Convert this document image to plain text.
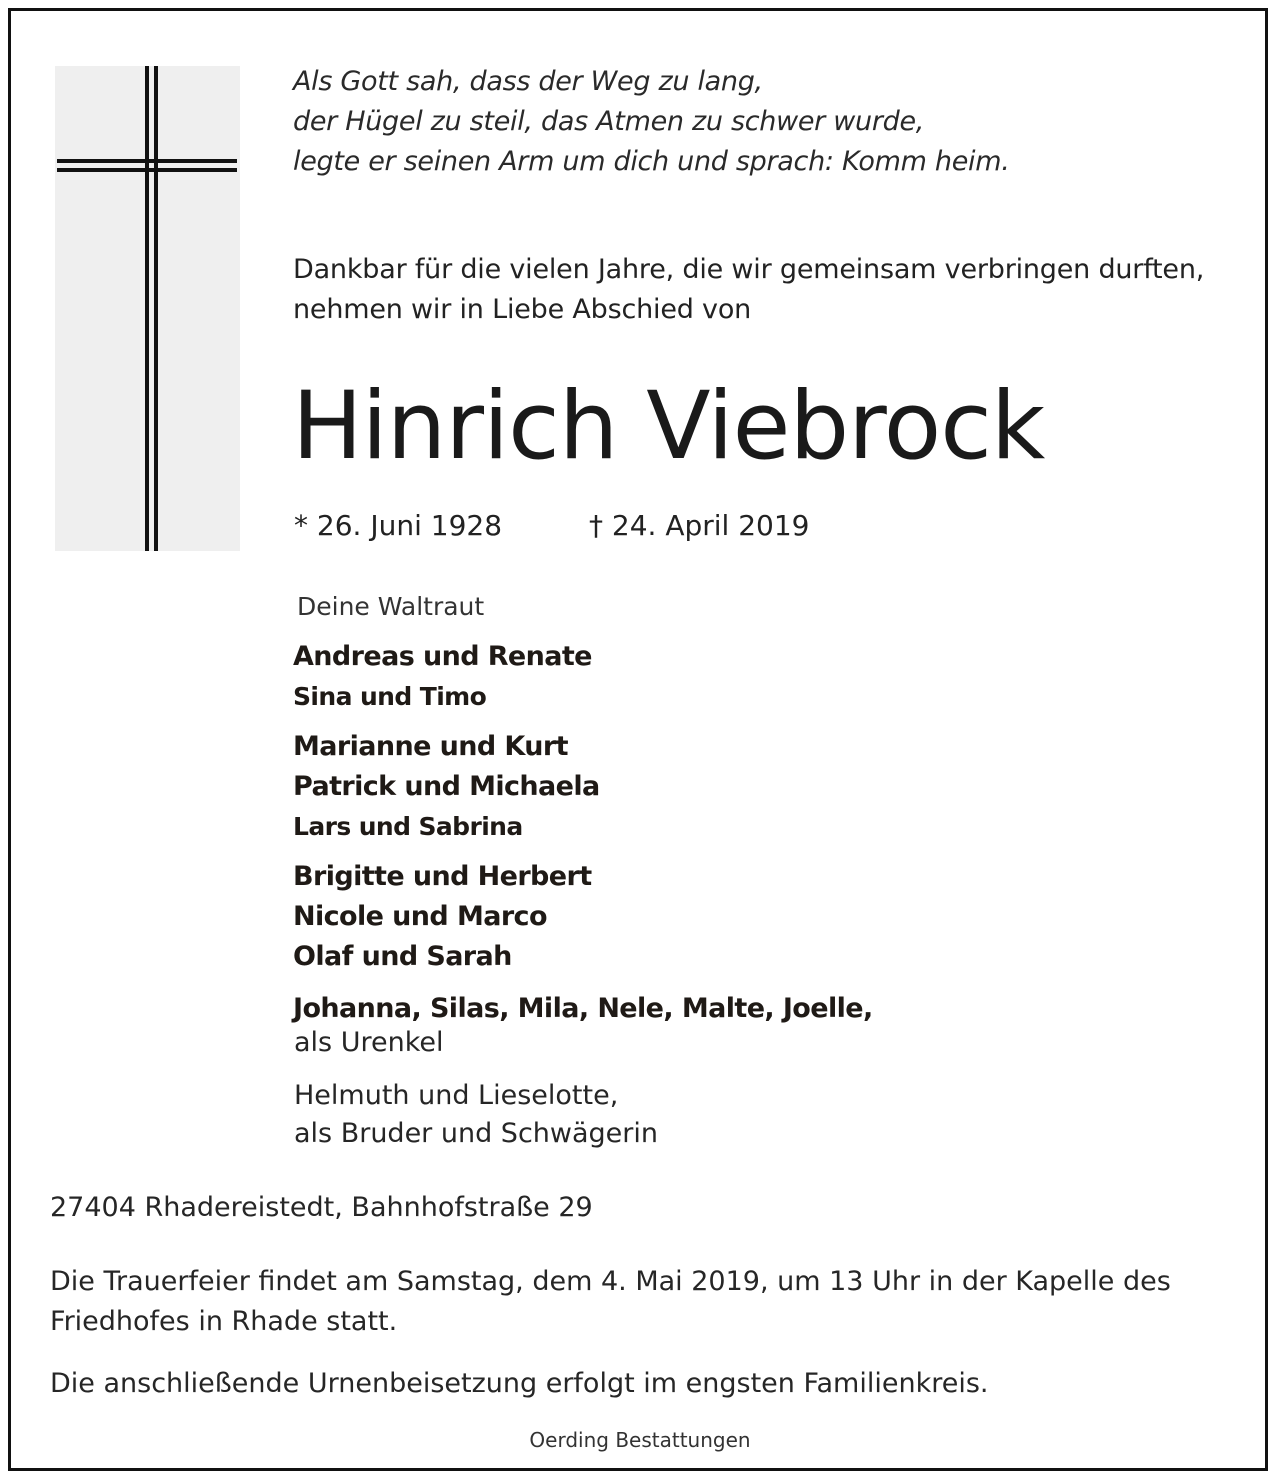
Als Gott sah, dass der Weg zu lang,
der Hügel zu steil, das Atmen zu schwer wurde,
legte er seinen Arm um dich und sprach: Komm heim.
Dankbar für die vielen Jahre, die wir gemeinsam verbringen durften,
nehmen wir in Liebe Abschied von
Hinrich Viebrock
* 26. Juni 1928	† 24. April 2019
Deine Waltraut
Andreas und Renate
Sina und Timo
Marianne und Kurt
Patrick und Michaela
Lars und Sabrina
Brigitte und Herbert
Nicole und Marco
Olaf und Sarah
Johanna, Silas, Mila, Nele, Malte, Joelle,
als Urenkel
Helmuth und Lieselotte,
als Bruder und Schwägerin
27404 Rhadereistedt, Bahnhofstraße 29
Die Trauerfeier findet am Samstag, dem 4. Mai 2019, um 13 Uhr in der Kapelle des
Friedhofes in Rhade statt.
Die anschließende Urnenbeisetzung erfolgt im engsten Familienkreis.
Oerding Bestattungen
